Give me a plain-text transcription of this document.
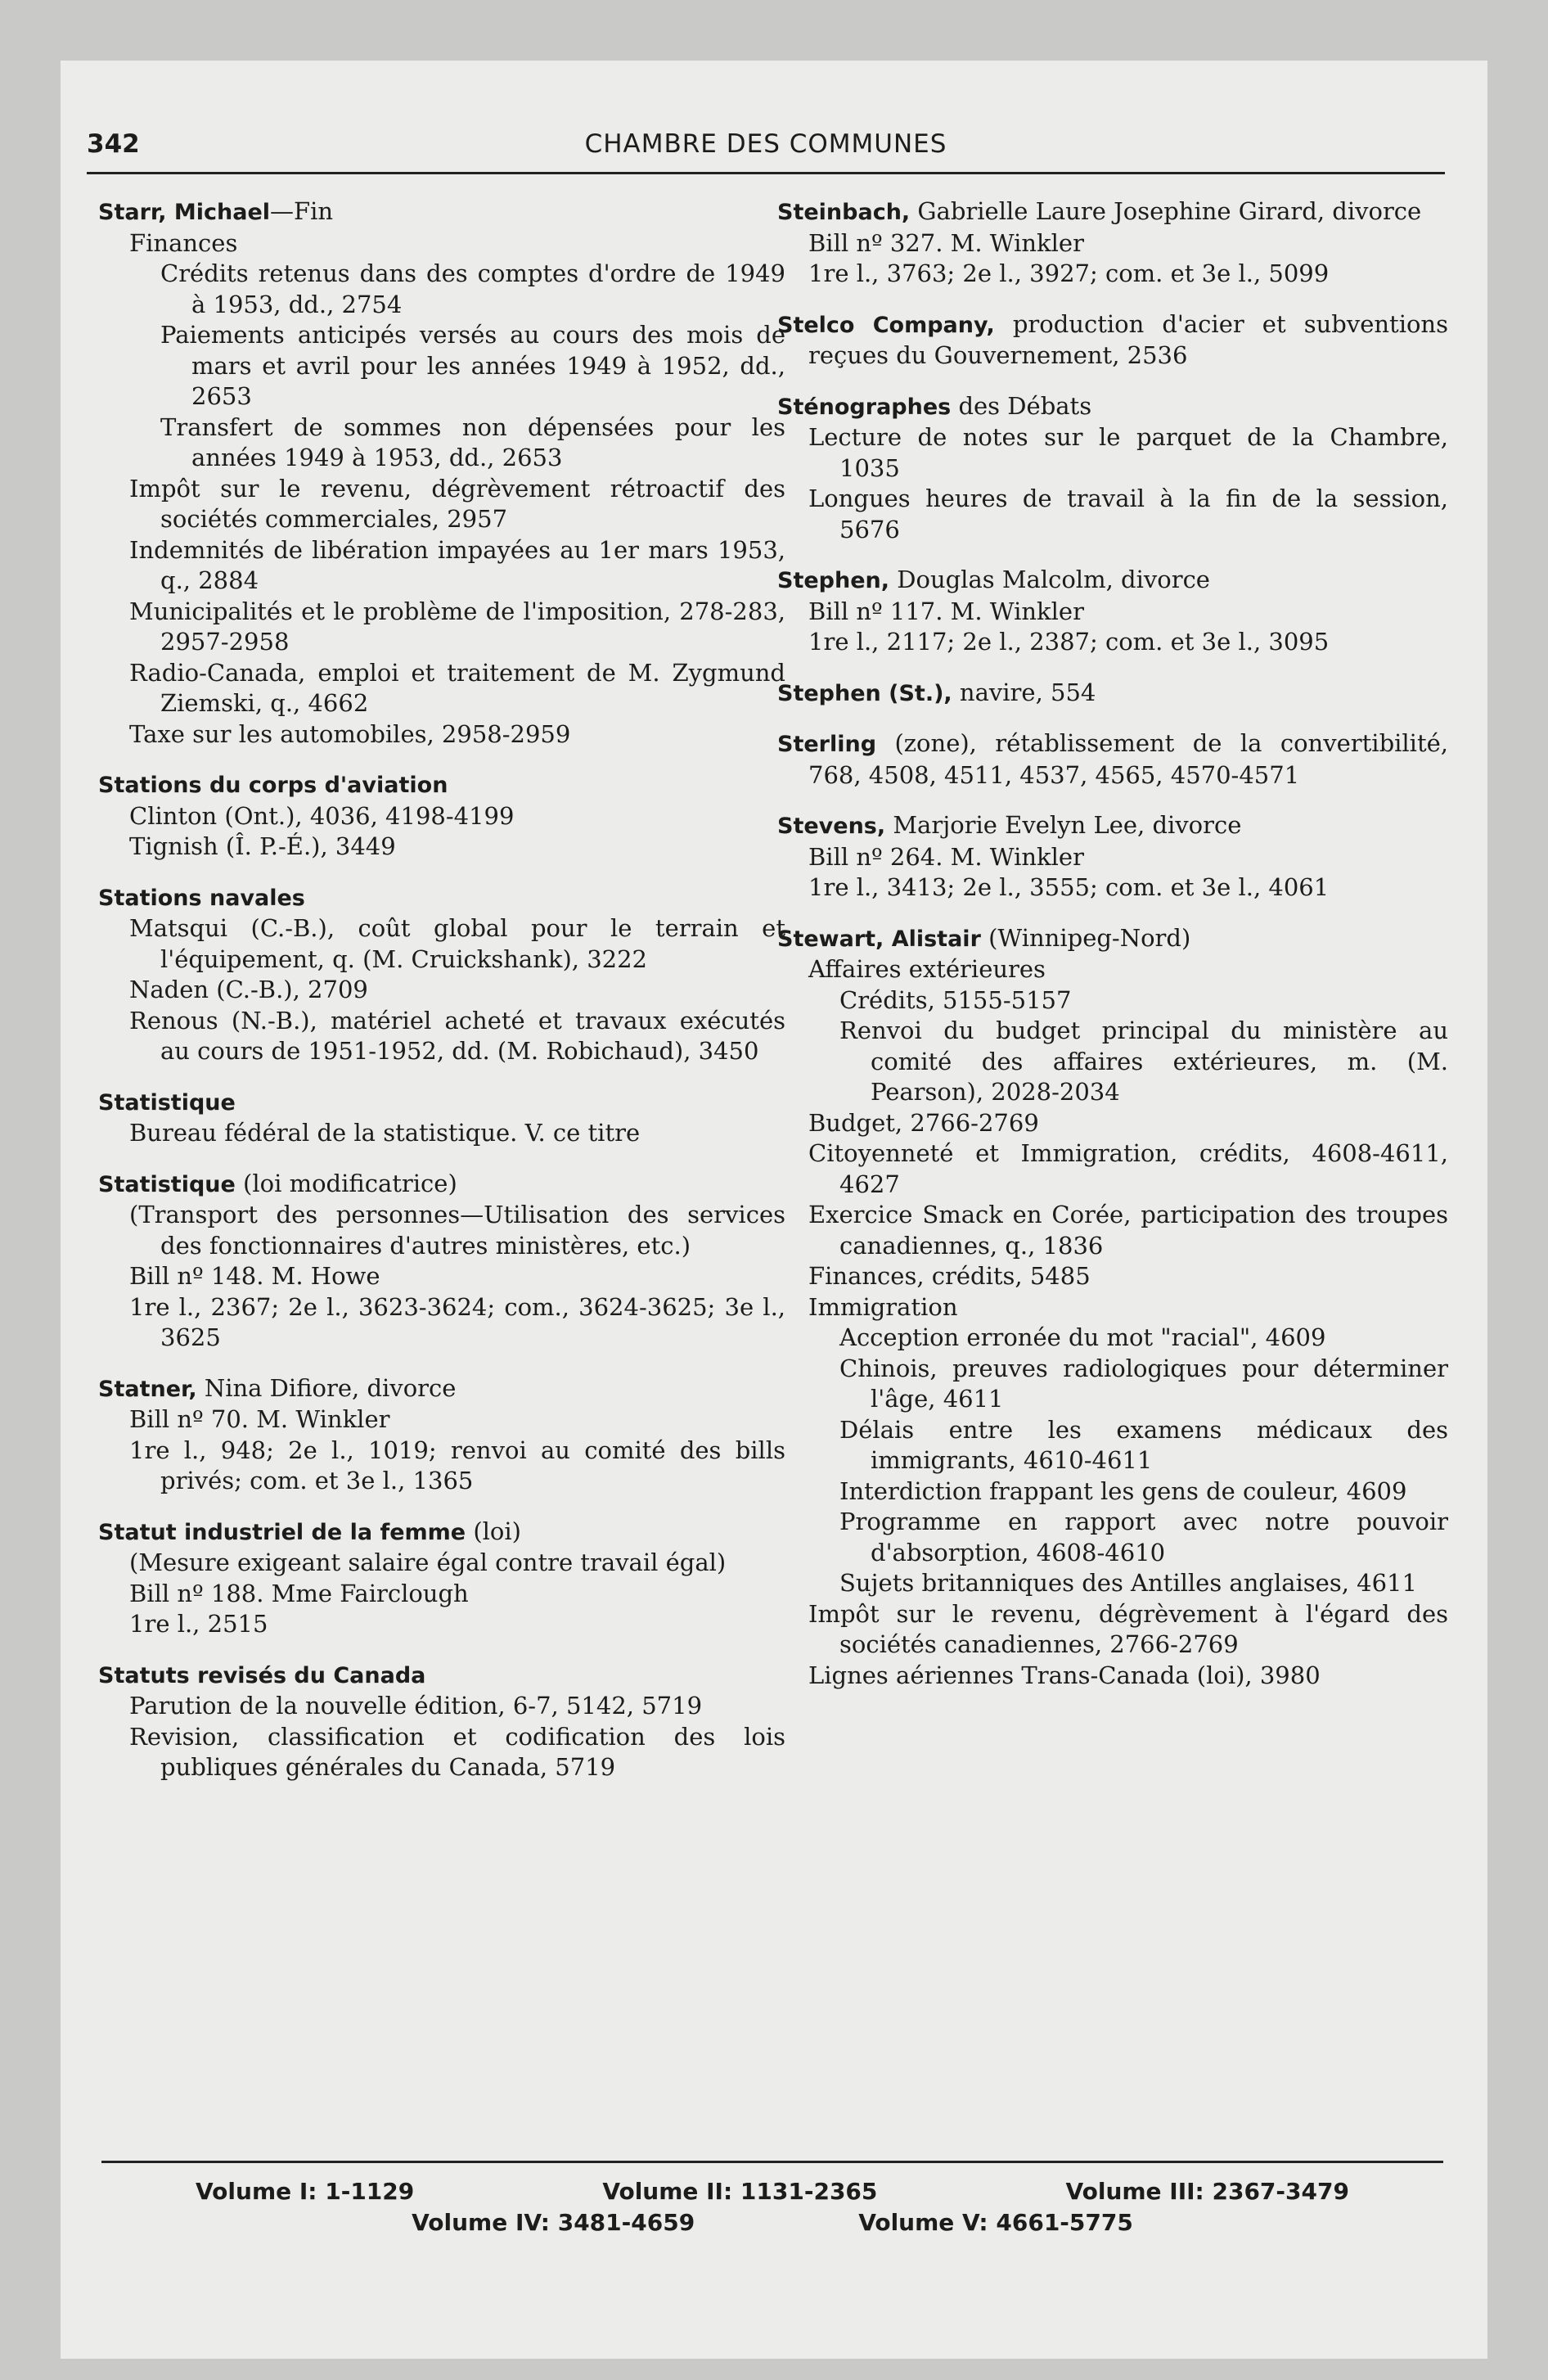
342	CHAMBRE DES COMMUNES
Starr, Michael—Fin
Finances
Crédits retenus dans des comptes d'ordre de 1949 à 1953, dd., 2754
Paiements anticipés versés au cours des mois de mars et avril pour les années 1949 à 1952, dd., 2653
Transfert de sommes non dépensées pour les années 1949 à 1953, dd., 2653
Impôt sur le revenu, dégrèvement rétroactif des sociétés commerciales, 2957
Indemnités de libération impayées au 1er mars 1953, q., 2884
Municipalités et le problème de l'imposition, 278-283, 2957-2958
Radio-Canada, emploi et traitement de M. Zygmund Ziemski, q., 4662
Taxe sur les automobiles, 2958-2959
Stations du corps d'aviation
Clinton (Ont.), 4036, 4198-4199
Tignish (Î. P.-É.), 3449
Stations navales
Matsqui (C.-B.), coût global pour le terrain et l'équipement, q. (M. Cruickshank), 3222
Naden (C.-B.), 2709
Renous (N.-B.), matériel acheté et travaux exécutés au cours de 1951-1952, dd. (M. Robichaud), 3450
Statistique
Bureau fédéral de la statistique. V. ce titre
Statistique (loi modificatrice)
(Transport des personnes—Utilisation des services des fonctionnaires d'autres ministères, etc.)
Bill nº 148. M. Howe
1re l., 2367; 2e l., 3623-3624; com., 3624-3625; 3e l., 3625
Statner, Nina Difiore, divorce
Bill nº 70. M. Winkler
1re l., 948; 2e l., 1019; renvoi au comité des bills privés; com. et 3e l., 1365
Statut industriel de la femme (loi)
(Mesure exigeant salaire égal contre travail égal)
Bill nº 188. Mme Fairclough
1re l., 2515
Statuts revisés du Canada
Parution de la nouvelle édition, 6-7, 5142, 5719
Revision, classification et codification des lois publiques générales du Canada, 5719
Steinbach, Gabrielle Laure Josephine Girard, divorce
Bill nº 327. M. Winkler
1re l., 3763; 2e l., 3927; com. et 3e l., 5099
Stelco Company, production d'acier et subventions reçues du Gouvernement, 2536
Sténographes des Débats
Lecture de notes sur le parquet de la Chambre, 1035
Longues heures de travail à la fin de la session, 5676
Stephen, Douglas Malcolm, divorce
Bill nº 117. M. Winkler
1re l., 2117; 2e l., 2387; com. et 3e l., 3095
Stephen (St.), navire, 554
Sterling (zone), rétablissement de la convertibilité, 768, 4508, 4511, 4537, 4565, 4570-4571
Stevens, Marjorie Evelyn Lee, divorce
Bill nº 264. M. Winkler
1re l., 3413; 2e l., 3555; com. et 3e l., 4061
Stewart, Alistair (Winnipeg-Nord)
Affaires extérieures
Crédits, 5155-5157
Renvoi du budget principal du ministère au comité des affaires extérieures, m. (M. Pearson), 2028-2034
Budget, 2766-2769
Citoyenneté et Immigration, crédits, 4608-4611, 4627
Exercice Smack en Corée, participation des troupes canadiennes, q., 1836
Finances, crédits, 5485
Immigration
Acception erronée du mot "racial", 4609
Chinois, preuves radiologiques pour déterminer l'âge, 4611
Délais entre les examens médicaux des immigrants, 4610-4611
Interdiction frappant les gens de couleur, 4609
Programme en rapport avec notre pouvoir d'absorption, 4608-4610
Sujets britanniques des Antilles anglaises, 4611
Impôt sur le revenu, dégrèvement à l'égard des sociétés canadiennes, 2766-2769
Lignes aériennes Trans-Canada (loi), 3980
Volume I: 1-1129	Volume II: 1131-2365	Volume III: 2367-3479
Volume IV: 3481-4659	Volume V: 4661-5775
